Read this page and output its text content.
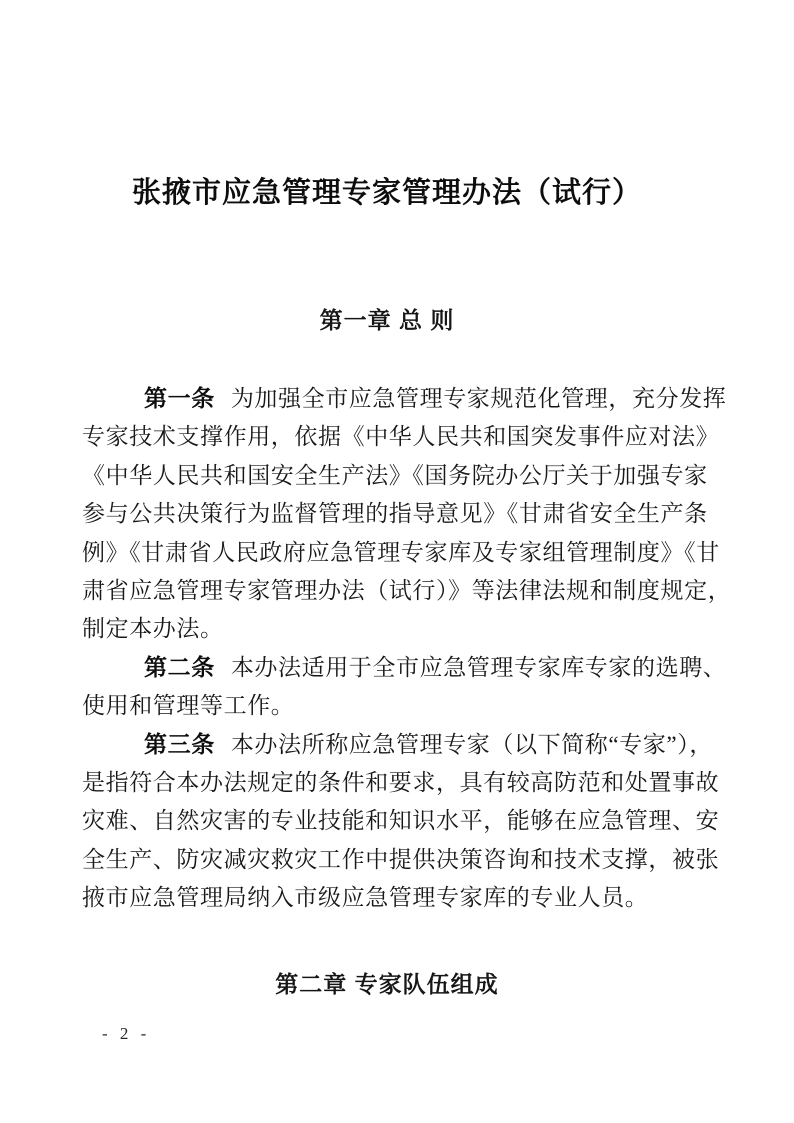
张掖市应急管理专家管理办法（试行）
第一章 总 则
第一条 为加强全市应急管理专家规范化管理，充分发挥
专家技术支撑作用，依据《中华人民共和国突发事件应对法》
《中华人民共和国安全生产法》《国务院办公厅关于加强专家
参与公共决策行为监督管理的指导意见》《甘肃省安全生产条
例》《甘肃省人民政府应急管理专家库及专家组管理制度》《甘
肃省应急管理专家管理办法（试行）》等法律法规和制度规定，
制定本办法。
第二条 本办法适用于全市应急管理专家库专家的选聘、
使用和管理等工作。
第三条 本办法所称应急管理专家（以下简称“专家”），
是指符合本办法规定的条件和要求，具有较高防范和处置事故
灾难、自然灾害的专业技能和知识水平，能够在应急管理、安
全生产、防灾减灾救灾工作中提供决策咨询和技术支撑，被张
掖市应急管理局纳入市级应急管理专家库的专业人员。
第二章 专家队伍组成
- 2 -
